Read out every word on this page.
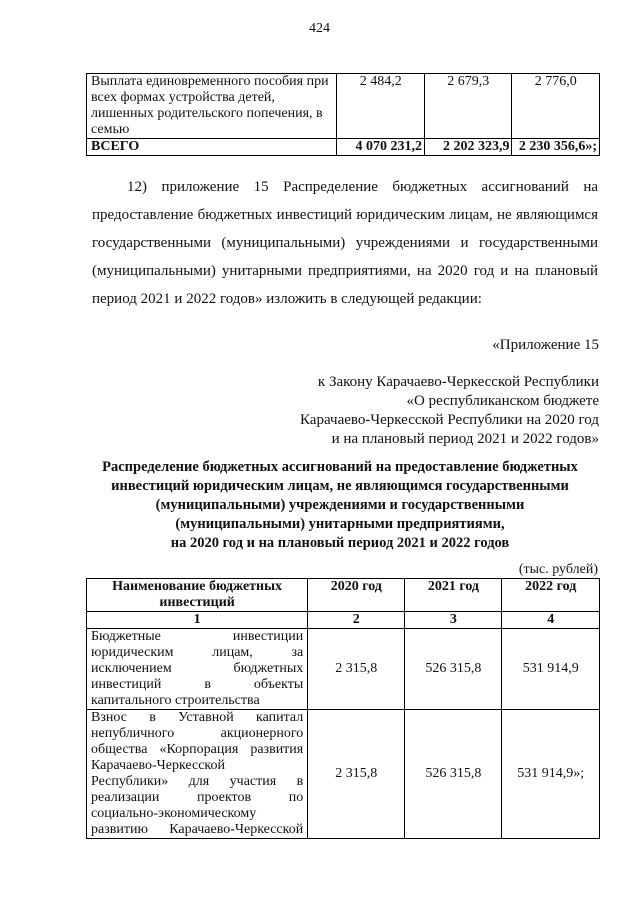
424
Выплата единовременного пособия при всех формах устройства детей, лишенных родительского попечения, в семью	2 484,2	2 679,3	2 776,0
ВСЕГО	4 070 231,2	2 202 323,9	2 230 356,6»;

12) приложение 15 Распределение бюджетных ассигнований на предоставление бюджетных инвестиций юридическим лицам, не являющимся государственными (муниципальными) учреждениями и государственными (муниципальными) унитарными предприятиями, на 2020 год и на плановый период 2021 и 2022 годов» изложить в следующей редакции:

«Приложение 15
к Закону Карачаево-Черкесской Республики
«О республиканском бюджете
Карачаево-Черкесской Республики на 2020 год
и на плановый период 2021 и 2022 годов»
Распределение бюджетных ассигнований на предоставление бюджетных
инвестиций юридическим лицам, не являющимся государственными
(муниципальными) учреждениями и государственными
(муниципальными) унитарными предприятиями,
на 2020 год и на плановый период 2021 и 2022 годов
(тыс. рублей)
Наименование бюджетных инвестиций	2020 год	2021 год	2022 год
1	2	3	4
Бюджетные инвестиции юридическим лицам, за исключением бюджетных инвестиций в объекты капитального строительства	2 315,8	526 315,8	531 914,9
Взнос в Уставной капитал непубличного акционерного общества «Корпорация развития Карачаево-Черкесской Республики» для участия в реализации проектов по социально-экономическому развитию Карачаево-Черкесской	2 315,8	526 315,8	531 914,9»;
